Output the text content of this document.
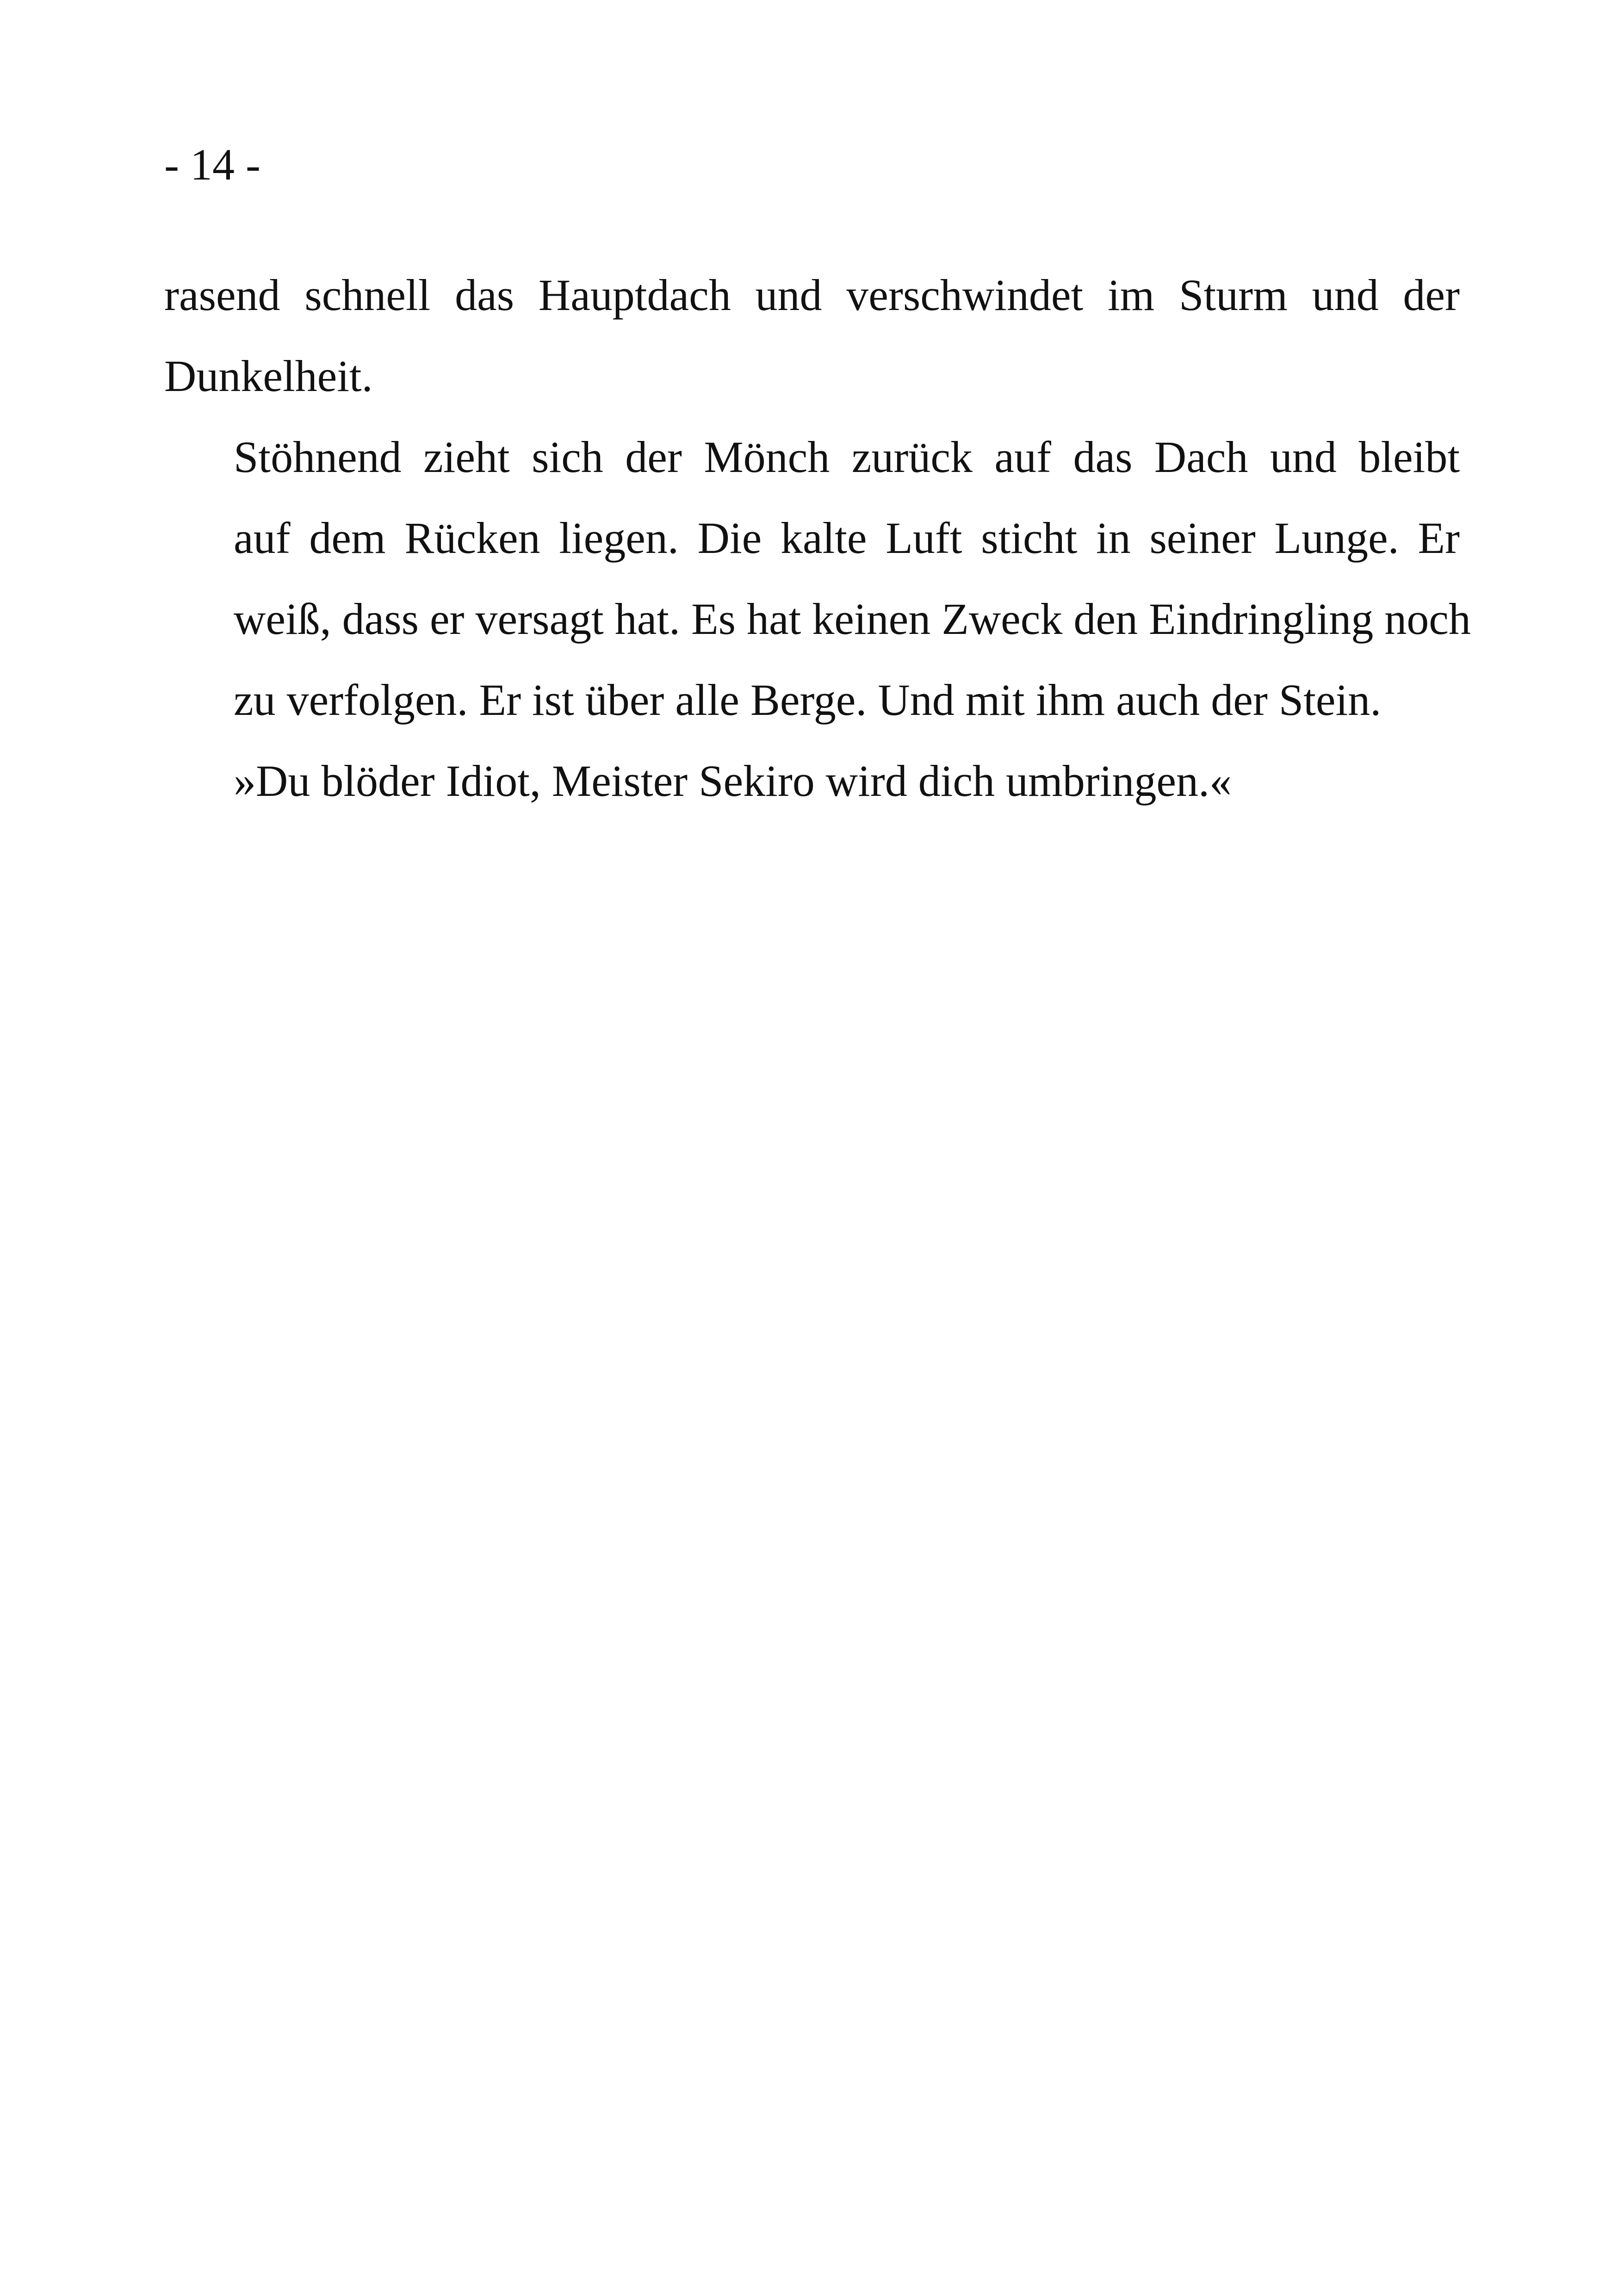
- 14 -

rasend schnell das Hauptdach und verschwindet im Sturm und der
Dunkelheit.

Stöhnend zieht sich der Mönch zurück auf das Dach und bleibt
auf dem Rücken liegen. Die kalte Luft sticht in seiner Lunge. Er
weiß, dass er versagt hat. Es hat keinen Zweck den Eindringling noch
zu verfolgen. Er ist über alle Berge. Und mit ihm auch der Stein.

»Du blöder Idiot, Meister Sekiro wird dich umbringen.«
